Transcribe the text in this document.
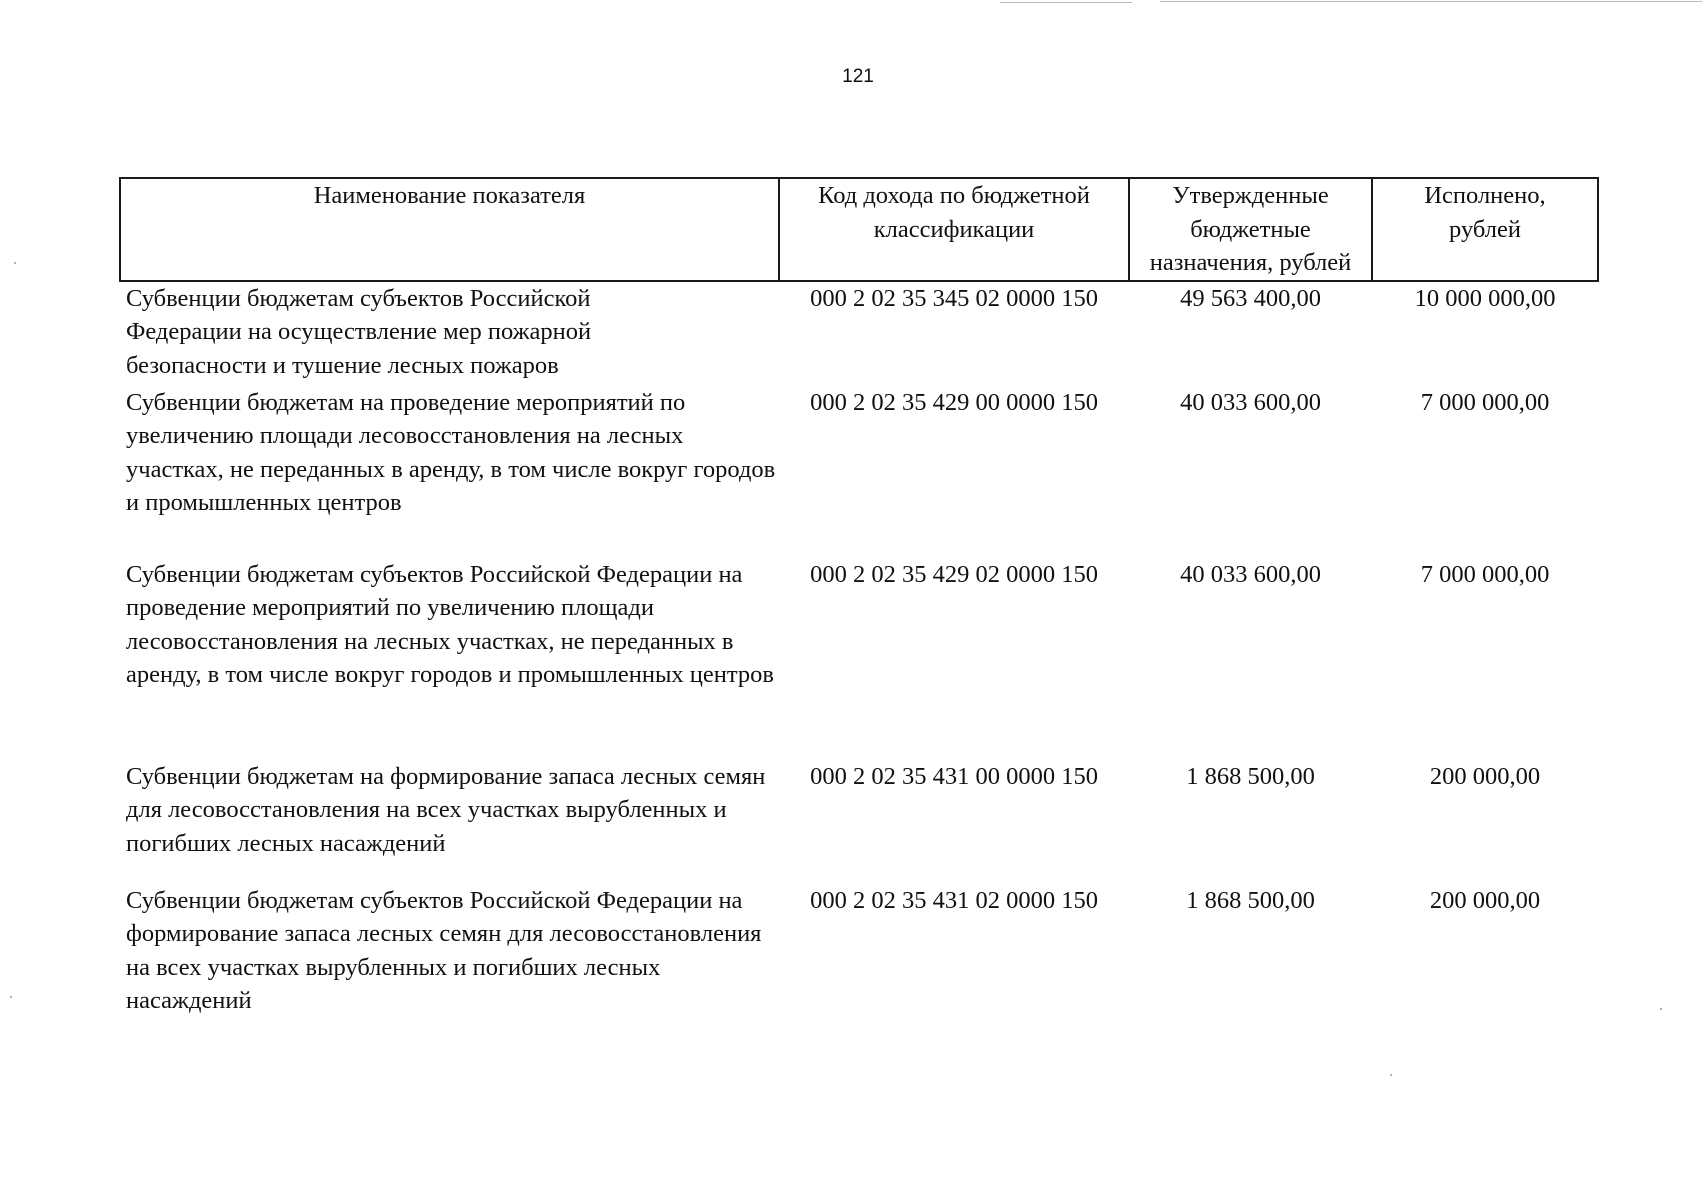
121
Наименование показателя	Код дохода по бюджетной классификации	Утвержденные бюджетные назначения, рублей	Исполнено, рублей
Субвенции бюджетам субъектов Российской Федерации на осуществление мер пожарной безопасности и тушение лесных пожаров	000 2 02 35 345 02 0000 150	49 563 400,00	10 000 000,00
Субвенции бюджетам на проведение мероприятий по увеличению площади лесовосстановления на лесных участках, не переданных в аренду, в том числе вокруг городов и промышленных центров	000 2 02 35 429 00 0000 150	40 033 600,00	7 000 000,00
Субвенции бюджетам субъектов Российской Федерации на проведение мероприятий по увеличению площади лесовосстановления на лесных участках, не переданных в аренду, в том числе вокруг городов и промышленных центров	000 2 02 35 429 02 0000 150	40 033 600,00	7 000 000,00
Субвенции бюджетам на формирование запаса лесных семян для лесовосстановления на всех участках вырубленных и погибших лесных насаждений	000 2 02 35 431 00 0000 150	1 868 500,00	200 000,00
Субвенции бюджетам субъектов Российской Федерации на формирование запаса лесных семян для лесовосстановления на всех участках вырубленных и погибших лесных насаждений	000 2 02 35 431 02 0000 150	1 868 500,00	200 000,00
